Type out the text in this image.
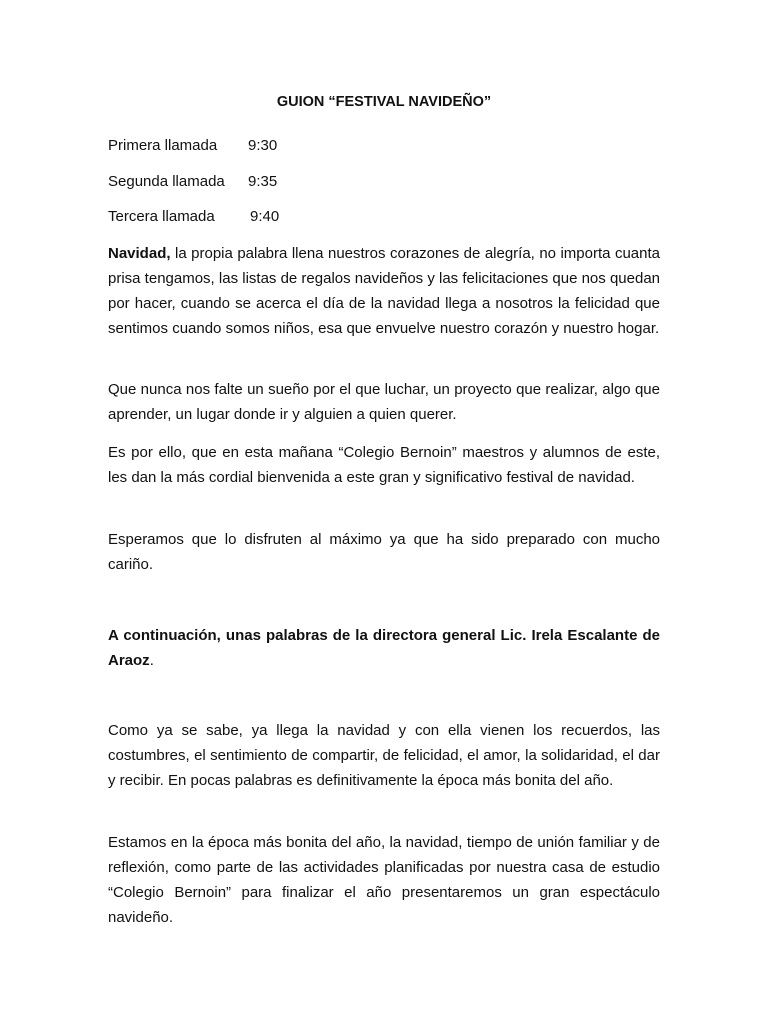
GUION “FESTIVAL NAVIDEÑO”
Primera llamada 9:30
Segunda llamada 9:35
Tercera llamada 9:40

Navidad, la propia palabra llena nuestros corazones de alegría, no importa cuanta prisa tengamos, las listas de regalos navideños y las felicitaciones que nos quedan por hacer, cuando se acerca el día de la navidad llega a nosotros la felicidad que sentimos cuando somos niños, esa que envuelve nuestro corazón y nuestro hogar.

Que nunca nos falte un sueño por el que luchar, un proyecto que realizar, algo que aprender, un lugar donde ir y alguien a quien querer.

Es por ello, que en esta mañana “Colegio Bernoin” maestros y alumnos de este, les dan la más cordial bienvenida a este gran y significativo festival de navidad.

Esperamos que lo disfruten al máximo ya que ha sido preparado con mucho cariño.

A continuación, unas palabras de la directora general Lic. Irela Escalante de Araoz.

Como ya se sabe, ya llega la navidad y con ella vienen los recuerdos, las costumbres, el sentimiento de compartir, de felicidad, el amor, la solidaridad, el dar y recibir. En pocas palabras es definitivamente la época más bonita del año.

Estamos en la época más bonita del año, la navidad, tiempo de unión familiar y de reflexión, como parte de las actividades planificadas por nuestra casa de estudio “Colegio Bernoin” para finalizar el año presentaremos un gran espectáculo navideño.
